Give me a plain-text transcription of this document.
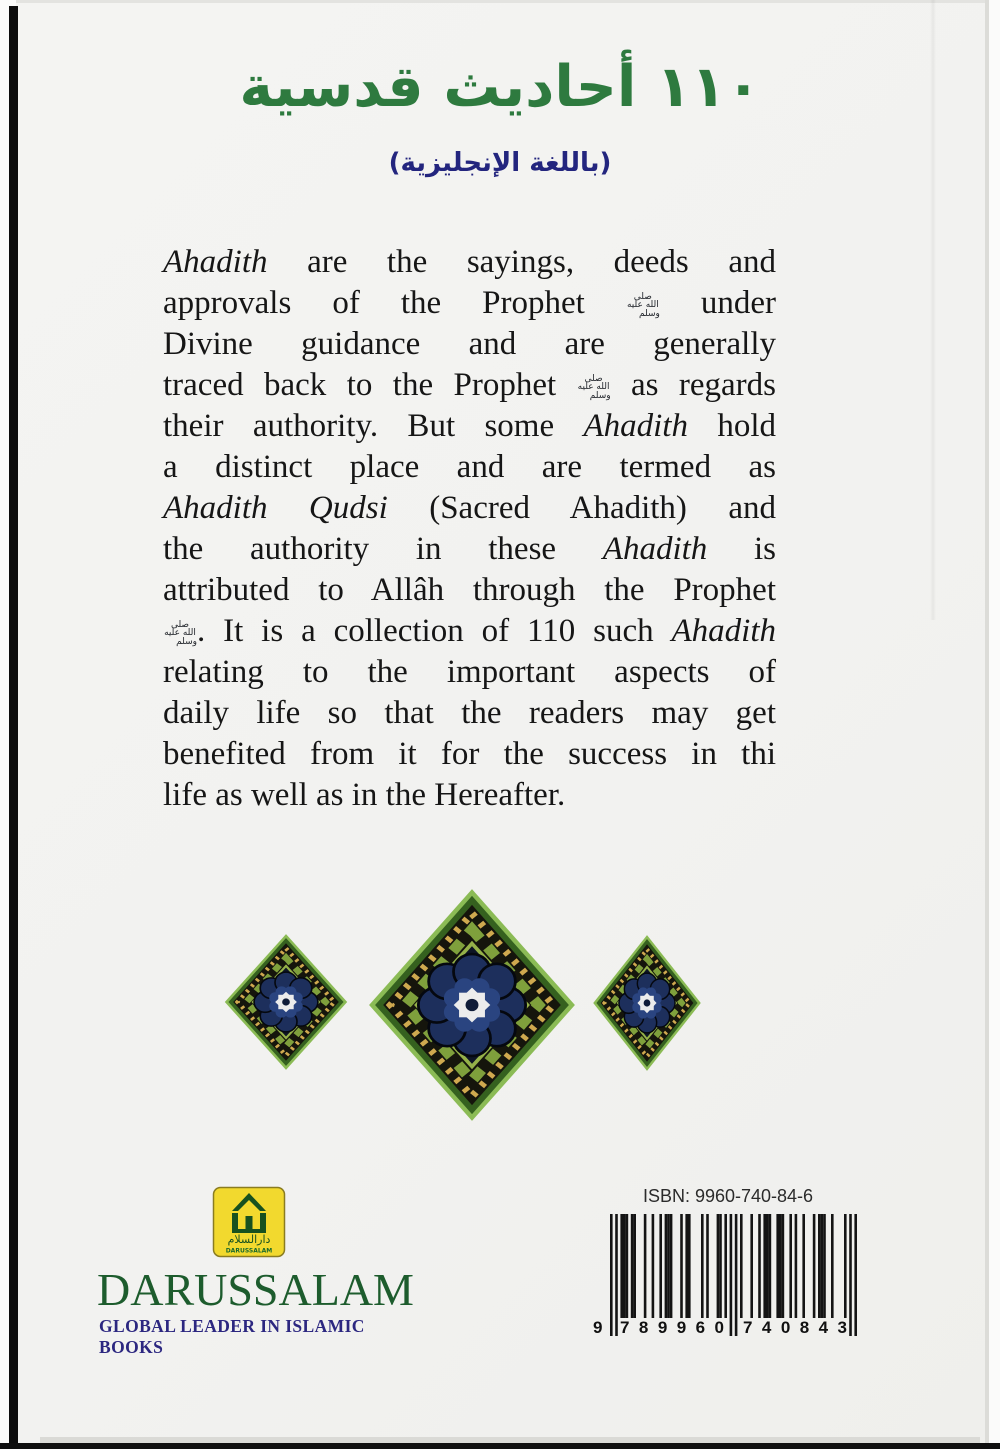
١١٠ أحاديث قدسية
(باللغة الإنجليزية)
Ahadith are the sayings, deeds and
approvals of the Prophet صلى الله عليه وسلم under
Divine guidance and are generally
traced back to the Prophet صلى الله عليه وسلم as regards
their authority. But some Ahadith hold
a distinct place and are termed as
Ahadith Qudsi (Sacred Ahadith) and
the authority in these Ahadith is
attributed to Allâh through the Prophet
صلى الله عليه وسلم. It is a collection of 110 such Ahadith
relating to the important aspects of
daily life so that the readers may get
benefited from it for the success in thi
life as well as in the Hereafter.
دارالسلام
DARUSSALAM
DARUSSALAM
GLOBAL LEADER IN ISLAMIC BOOKS
ISBN: 9960-740-84-6
9 7 8 9 9 6 0 7 4 0 8 4 3
